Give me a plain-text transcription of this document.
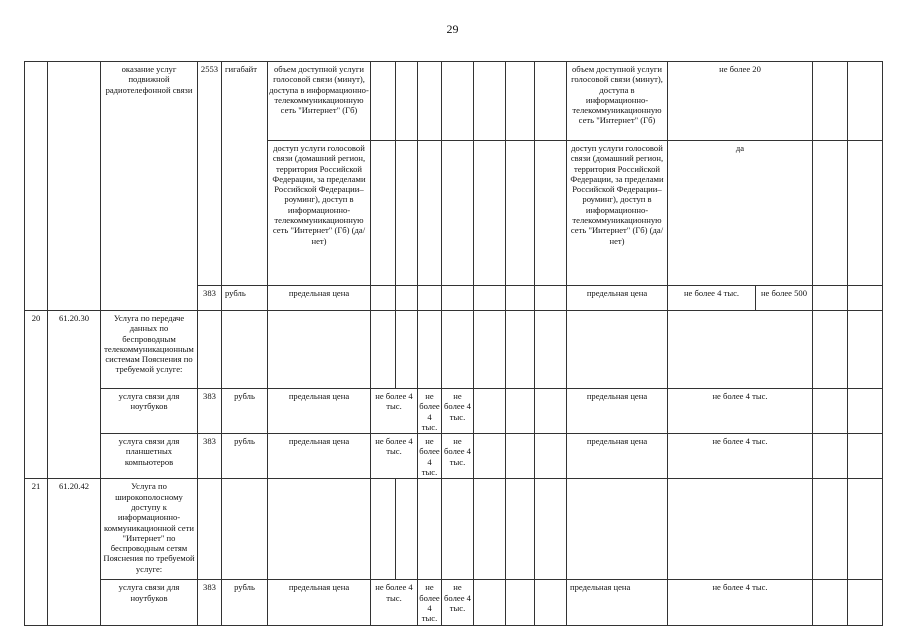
29
		оказание услуг подвижной радиотелефонной связи	2553	гигабайт	объем доступной услуги голосовой связи (минут), доступа в информационно-телекоммуникационную сеть "Интернет" (Гб)								объем доступной услуги голосовой связи (минут), доступа в информационно-телекоммуникационную сеть "Интернет" (Гб)	не более 20			
					доступ услуги голосовой связи (домашний регион, территория Российской Федерации, за пределами Российской Федерации–роуминг), доступ в информационно-телекоммуникационную сеть "Интернет" (Гб) (да/нет)								доступ услуги голосовой связи (домашний регион, территория Российской Федерации, за пределами Российской Федерации–роуминг), доступ в информационно-телекоммуникационную сеть "Интернет" (Гб) (да/нет)	да			
			383	рубль	предельная цена								предельная цена	не более 4 тыс.	не более 500		
20	61.20.30	Услуга по передаче данных по беспроводным телекоммуникационным системам Пояснения по требуемой услуге:															
		услуга связи для ноутбуков	383	рубль	предельная цена	не более 4 тыс.		не более 4 тыс.	не более 4 тыс.				предельная цена	не более 4 тыс.			
		услуга связи для планшетных компьютеров	383	рубль	предельная цена	не более 4 тыс.		не более 4 тыс.	не более 4 тыс.				предельная цена	не более 4 тыс.			
21	61.20.42	Услуга по широкополосному доступу к информационно-коммуникационной сети "Интернет" по беспроводным сетям Пояснения по требуемой услуге:															
		услуга связи для ноутбуков	383	рубль	предельная цена	не более 4 тыс.		не более 4 тыс.	не более 4 тыс.				предельная цена	не более 4 тыс.			
